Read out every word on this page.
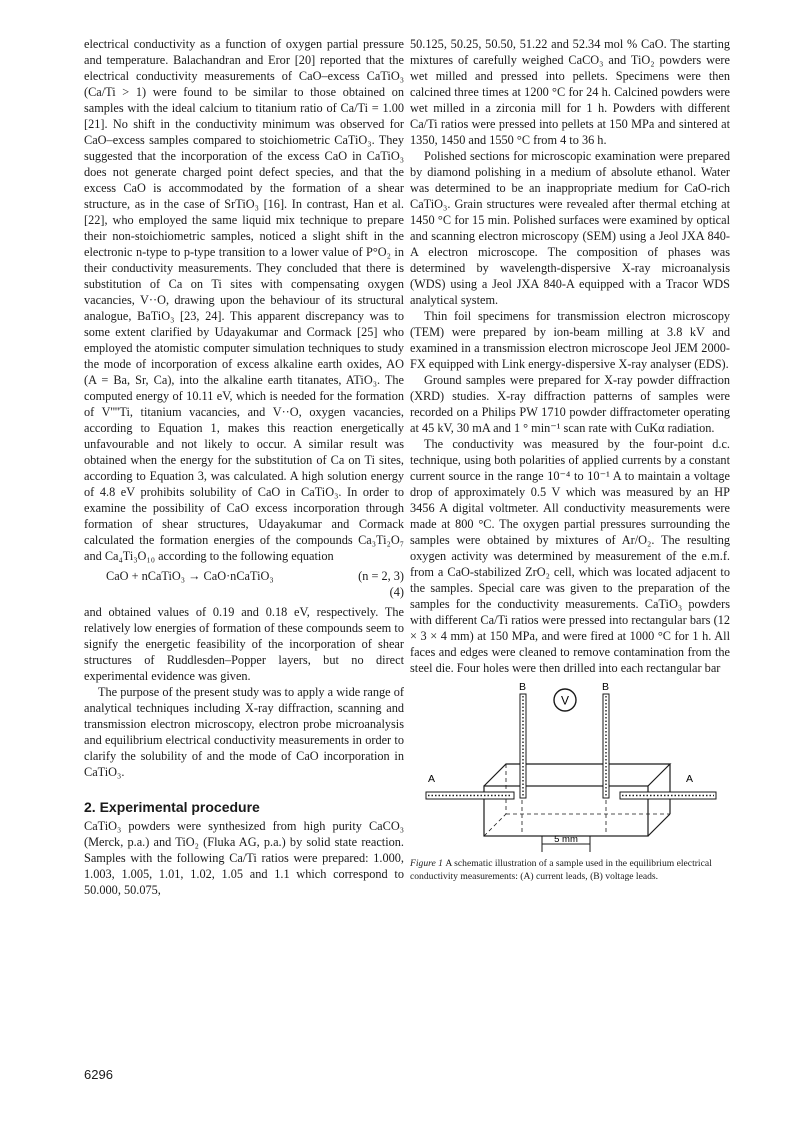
electrical conductivity as a function of oxygen partial pressure and temperature. Balachandran and Eror [20] reported that the electrical conductivity measurements of CaO–excess CaTiO₃ (Ca/Ti > 1) were found to be similar to those obtained on samples with the ideal calcium to titanium ratio of Ca/Ti = 1.00 [21]. No shift in the conductivity minimum was observed for CaO–excess samples compared to stoichiometric CaTiO₃. They suggested that the incorporation of the excess CaO in CaTiO₃ does not generate charged point defect species, and that the excess CaO is accommodated by the formation of a shear structure, as in the case of SrTiO₃ [16]. In contrast, Han et al. [22], who employed the same liquid mix technique to prepare their non-stoichiometric samples, noticed a slight shift in the electronic n-type to p-type transition to a lower value of P°O₂ in their conductivity measurements. They concluded that there is substitution of Ca on Ti sites with compensating oxygen vacancies, V··O, drawing upon the behaviour of its structural analogue, BaTiO₃ [23, 24]. This apparent discrepancy was to some extent clarified by Udayakumar and Cormack [25] who employed the atomistic computer simulation techniques to study the mode of incorporation of excess alkaline earth oxides, AO (A = Ba, Sr, Ca), into the alkaline earth titanates, ATiO₃. The computed energy of 10.11 eV, which is needed for the formation of V''''Ti, titanium vacancies, and V··O, oxygen vacancies, according to Equation 1, makes this reaction energetically unfavourable and not likely to occur. A similar result was obtained when the energy for the substitution of Ca on Ti sites, according to Equation 3, was calculated. A high solution energy of 4.8 eV prohibits solubility of CaO in CaTiO₃. In order to examine the possibility of CaO excess incorporation through formation of shear structures, Udayakumar and Cormack calculated the formation energies of the compounds Ca₃Ti₂O₇ and Ca₄Ti₃O₁₀ according to the following equation

CaO + nCaTiO₃ → CaO·nCaTiO₃	(n = 2, 3)
(4)

and obtained values of 0.19 and 0.18 eV, respectively. The relatively low energies of formation of these compounds seem to signify the energetic feasibility of the incorporation of shear structures of Ruddlesden–Popper layers, but no direct experimental evidence was given.

The purpose of the present study was to apply a wide range of analytical techniques including X-ray diffraction, scanning and transmission electron microscopy, electron probe microanalysis and equilibrium electrical conductivity measurements in order to clarify the solubility of and the mode of CaO incorporation in CaTiO₃.

2. Experimental procedure

CaTiO₃ powders were synthesized from high purity CaCO₃ (Merck, p.a.) and TiO₂ (Fluka AG, p.a.) by solid state reaction. Samples with the following Ca/Ti ratios were prepared: 1.000, 1.003, 1.005, 1.01, 1.02, 1.05 and 1.1 which correspond to 50.000, 50.075,

50.125, 50.25, 50.50, 51.22 and 52.34 mol % CaO. The starting mixtures of carefully weighed CaCO₃ and TiO₂ powders were wet milled and pressed into pellets. Specimens were then calcined three times at 1200 °C for 24 h. Calcined powders were wet milled in a zirconia mill for 1 h. Powders with different Ca/Ti ratios were pressed into pellets at 150 MPa and sintered at 1350, 1450 and 1550 °C from 4 to 36 h.

Polished sections for microscopic examination were prepared by diamond polishing in a medium of absolute ethanol. Water was determined to be an inappropriate medium for CaO-rich CaTiO₃. Grain structures were revealed after thermal etching at 1450 °C for 15 min. Polished surfaces were examined by optical and scanning electron microscopy (SEM) using a Jeol JXA 840-A electron microscope. The composition of phases was determined by wavelength-dispersive X-ray microanalysis (WDS) using a Jeol JXA 840-A equipped with a Tracor WDS analytical system.

Thin foil specimens for transmission electron microscopy (TEM) were prepared by ion-beam milling at 3.8 kV and examined in a transmission electron microscope Jeol JEM 2000-FX equipped with Link energy-dispersive X-ray analyser (EDS).

Ground samples were prepared for X-ray powder diffraction (XRD) studies. X-ray diffraction patterns of samples were recorded on a Philips PW 1710 powder diffractometer operating at 45 kV, 30 mA and 1 ° min⁻¹ scan rate with CuKα radiation.

The conductivity was measured by the four-point d.c. technique, using both polarities of applied currents by a constant current source in the range 10⁻⁴ to 10⁻¹ A to maintain a voltage drop of approximately 0.5 V which was measured by an HP 3456 A digital voltmeter. All conductivity measurements were made at 800 °C. The oxygen partial pressures surrounding the samples were obtained by mixtures of Ar/O₂. The resulting oxygen activity was determined by measurement of the e.m.f. from a CaO-stabilized ZrO₂ cell, which was located adjacent to the samples. Special care was given to the preparation of the samples for the conductivity measurements. CaTiO₃ powders with different Ca/Ti ratios were pressed into rectangular bars (12 × 3 × 4 mm) at 150 MPa, and were fired at 1000 °C for 1 h. All faces and edges were cleaned to remove contamination from the steel die. Four holes were then drilled into each rectangular bar

V
B	B
A	A
5 mm
Figure 1 A schematic illustration of a sample used in the equilibrium electrical conductivity measurements: (A) current leads, (B) voltage leads.
6296
